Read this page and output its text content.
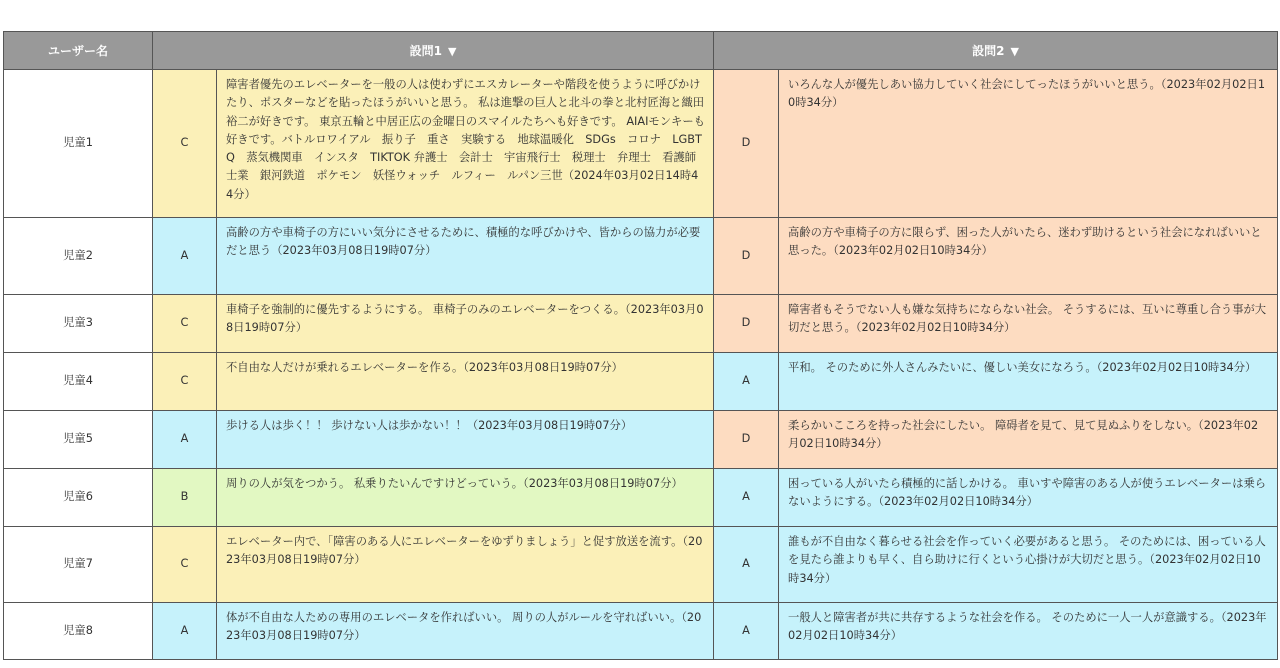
ユーザー名	設問1 ▼		設問2 ▼	
児童1	C	障害者優先のエレベーターを一般の人は使わずにエスカレーターや階段を使うように呼びかけたり、ポスターなどを貼ったほうがいいと思う。 私は進撃の巨人と北斗の拳と北村匠海と織田裕二が好きです。 東京五輪と中居正広の金曜日のスマイルたちへも好きです。 AIAIモンキーも好きです。バトルロワイアル　振り子　重さ　実験する　地球温暖化　SDGs　コロナ　LGBTQ　蒸気機関車　インスタ　TIKTOK 弁護士　会計士　宇宙飛行士　税理士　弁理士　看護師　士業　銀河鉄道　ポケモン　妖怪ウォッチ　ルフィー　ルパン三世（2024年03月02日14時44分）	D	いろんな人が優先しあい協力していく社会にしてったほうがいいと思う。（2023年02月02日10時34分）
児童2	A	高齢の方や車椅子の方にいい気分にさせるために、積極的な呼びかけや、皆からの協力が必要だと思う（2023年03月08日19時07分）	D	高齢の方や車椅子の方に限らず、困った人がいたら、迷わず助けるという社会になればいいと思った。（2023年02月02日10時34分）
児童3	C	車椅子を強制的に優先するようにする。 車椅子のみのエレベーターをつくる。（2023年03月08日19時07分）	D	障害者もそうでない人も嫌な気持ちにならない社会。 そうするには、互いに尊重し合う事が大切だと思う。（2023年02月02日10時34分）
児童4	C	不自由な人だけが乗れるエレベーターを作る。（2023年03月08日19時07分）	A	平和。 そのために外人さんみたいに、優しい美女になろう。（2023年02月02日10時34分）
児童5	A	歩ける人は歩く！！ 歩けない人は歩かない！！（2023年03月08日19時07分）	D	柔らかいこころを持った社会にしたい。 障碍者を見て、見て見ぬふりをしない。（2023年02月02日10時34分）
児童6	B	周りの人が気をつかう。 私乗りたいんですけどっていう。（2023年03月08日19時07分）	A	困っている人がいたら積極的に話しかける。 車いすや障害のある人が使うエレベーターは乗らないようにする。（2023年02月02日10時34分）
児童7	C	エレベーター内で、「障害のある人にエレベーターをゆずりましょう」と促す放送を流す。（2023年03月08日19時07分）	A	誰もが不自由なく暮らせる社会を作っていく必要があると思う。 そのためには、困っている人を見たら誰よりも早く、自ら助けに行くという心掛けが大切だと思う。（2023年02月02日10時34分）
児童8	A	体が不自由な人ための専用のエレベータを作ればいい。 周りの人がルールを守ればいい。（2023年03月08日19時07分）	A	一般人と障害者が共に共存するような社会を作る。 そのために一人一人が意識する。（2023年02月02日10時34分）
